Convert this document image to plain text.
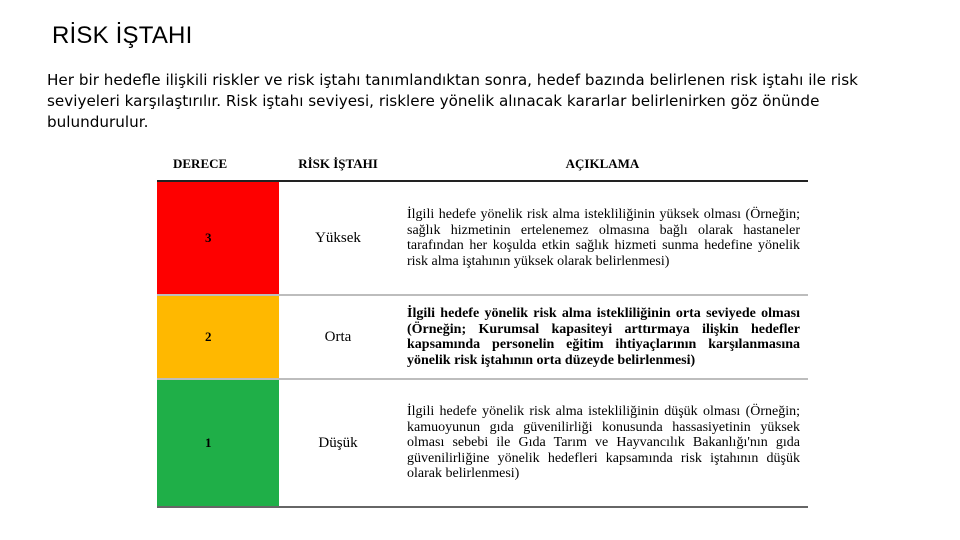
RİSK İŞTAHI
Her bir hedefle ilişkili riskler ve risk iştahı tanımlandıktan sonra, hedef bazında belirlenen risk iştahı ile risk seviyeleri karşılaştırılır. Risk iştahı seviyesi, risklere yönelik alınacak kararlar belirlenirken göz önünde bulundurulur.
DERECE	RİSK İŞTAHI	AÇIKLAMA
3	Yüksek	İlgili hedefe yönelik risk alma istekliliğinin yüksek olması (Örneğin; sağlık hizmetinin ertelenemez olmasına bağlı olarak hastaneler tarafından her koşulda etkin sağlık hizmeti sunma hedefine yönelik risk alma iştahının yüksek olarak belirlenmesi)
2	Orta	İlgili hedefe yönelik risk alma istekliliğinin orta seviyede olması (Örneğin; Kurumsal kapasiteyi arttırmaya ilişkin hedefler kapsamında personelin eğitim ihtiyaçlarının karşılanmasına yönelik risk iştahının orta düzeyde belirlenmesi)
1	Düşük	İlgili hedefe yönelik risk alma istekliliğinin düşük olması (Örneğin; kamuoyunun gıda güvenilirliği konusunda hassasiyetinin yüksek olması sebebi ile Gıda Tarım ve Hayvancılık Bakanlığı'nın gıda güvenilirliğine yönelik hedefleri kapsamında risk iştahının düşük olarak belirlenmesi)
